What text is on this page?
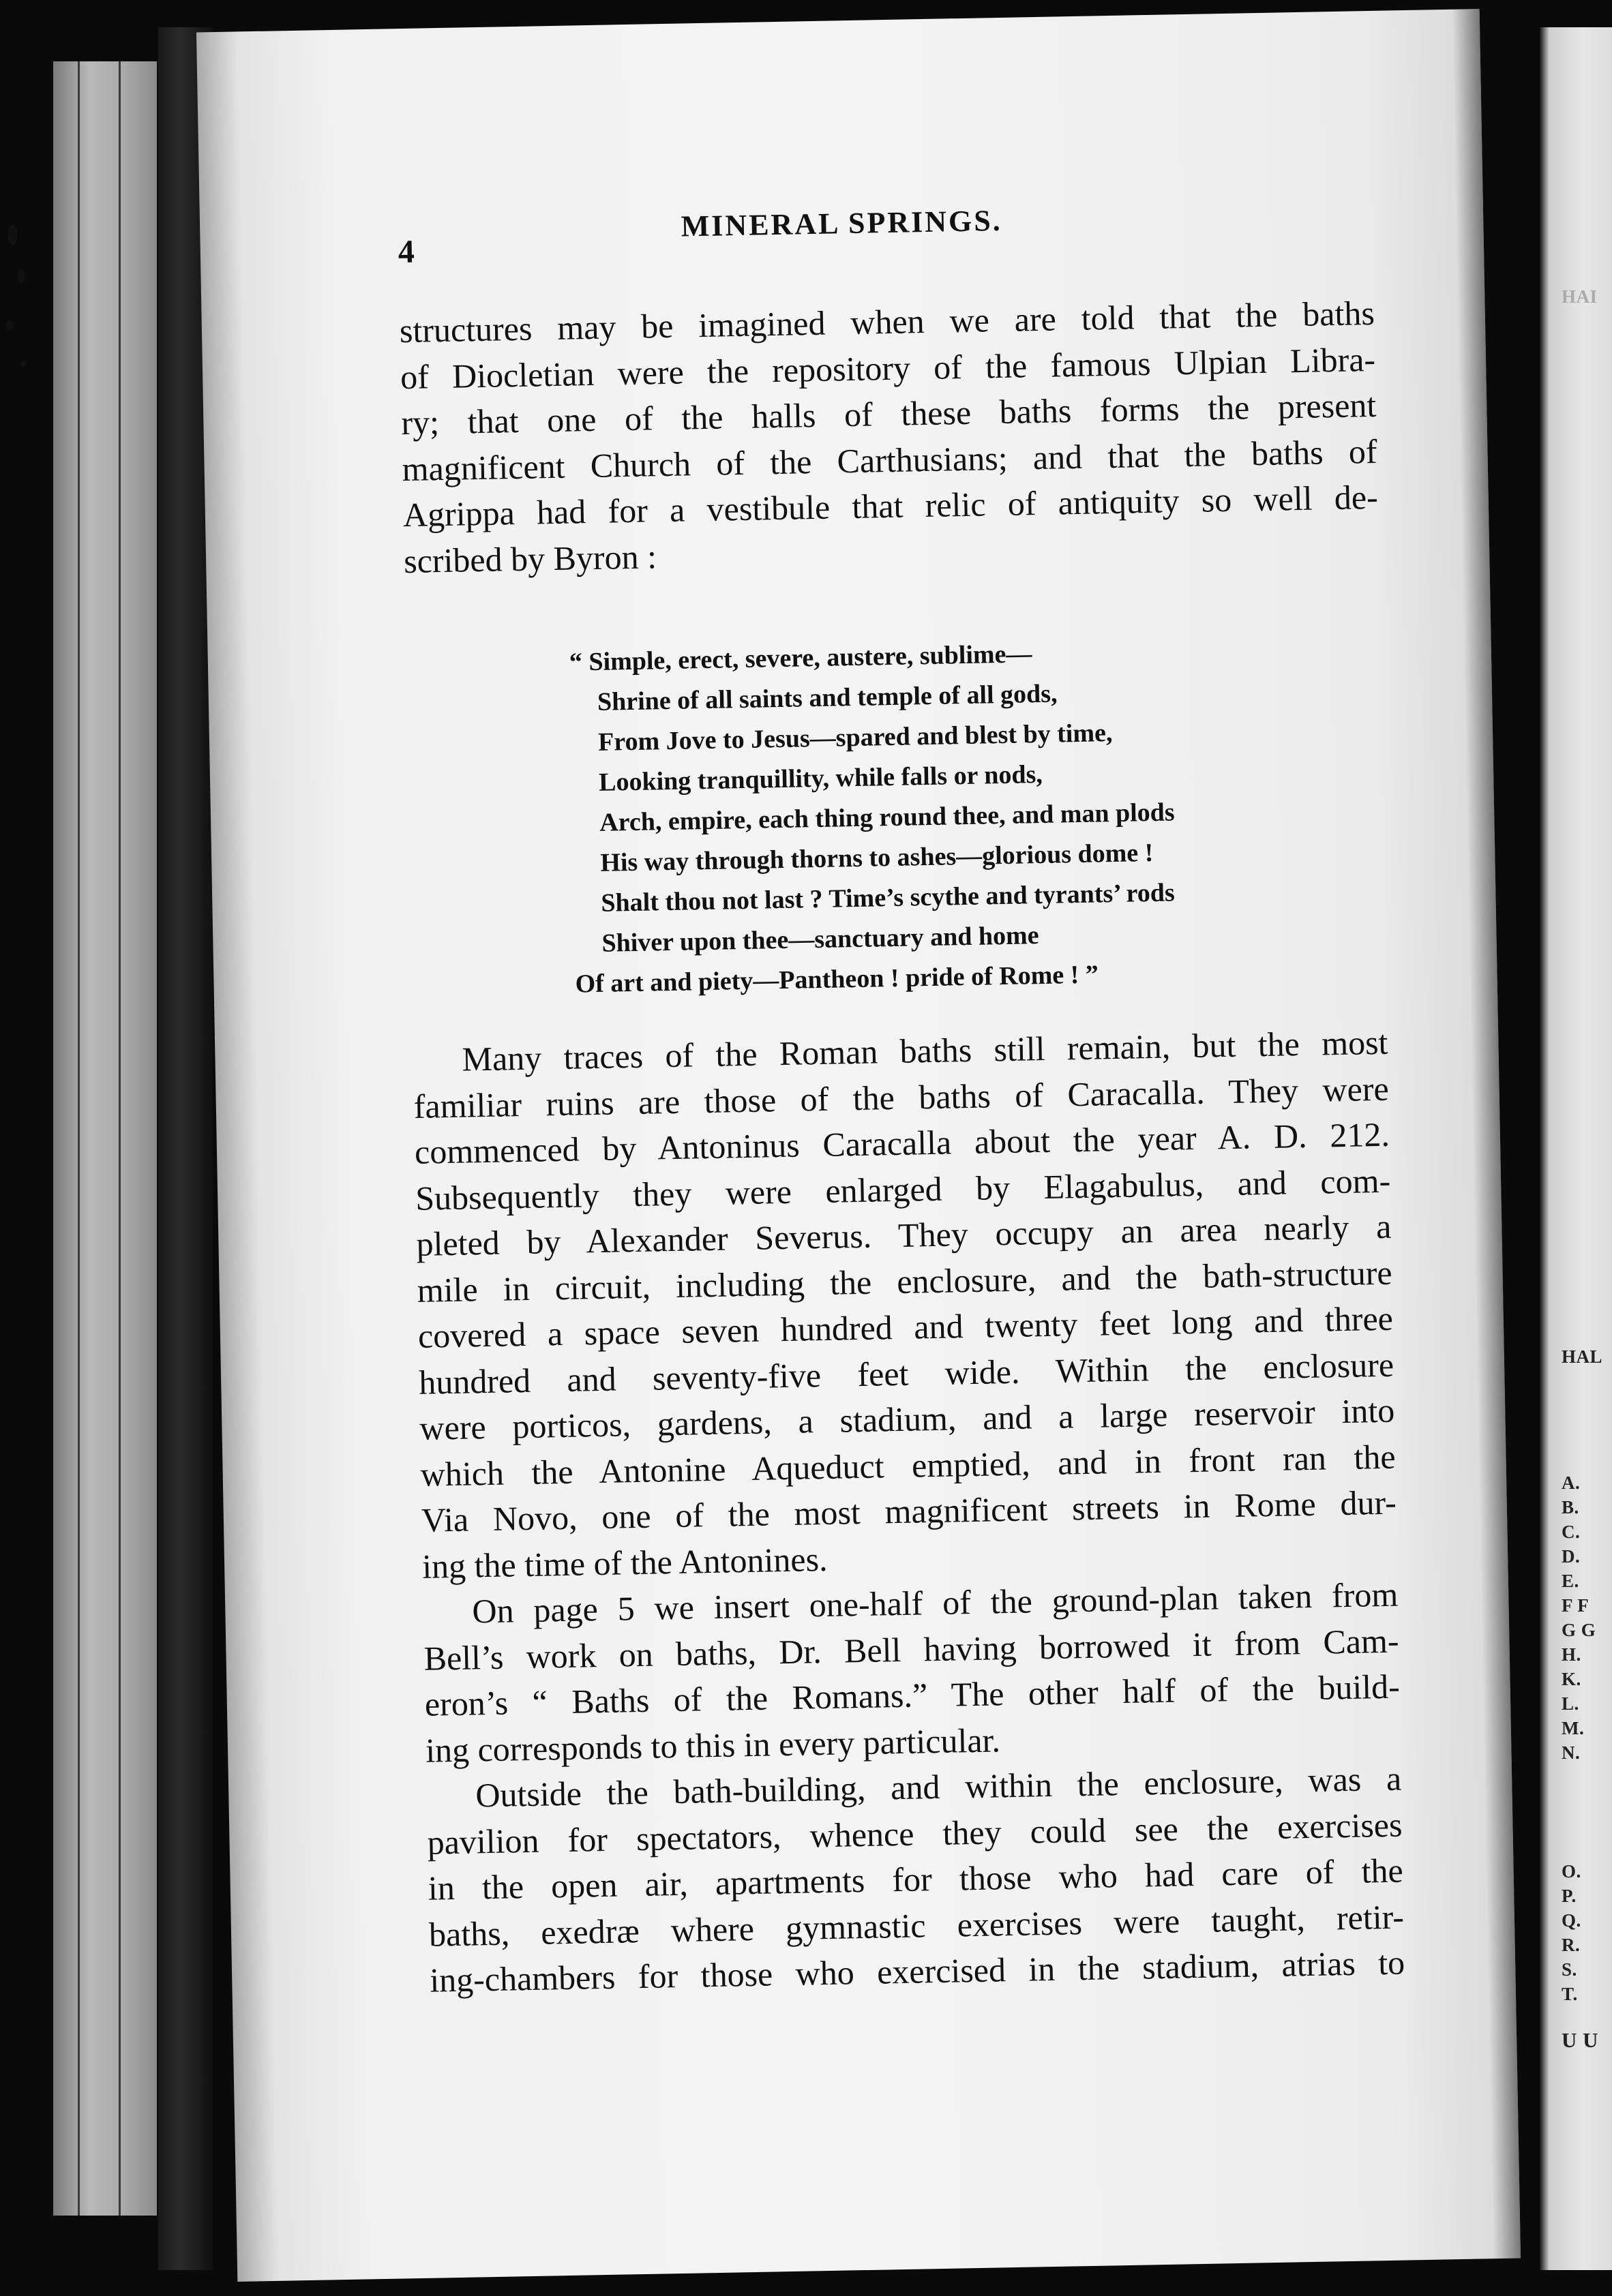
HAI
HAL
A.
B.
C.
D.
E.
F F
G G
H.
K.
L.
M.
N.
O.
P.
Q.
R.
S.
T.
U U
4
MINERAL SPRINGS.
structures may be imagined when we are told that the baths
of Diocletian were the repository of the famous Ulpian Libra-
ry; that one of the halls of these baths forms the present
magnificent Church of the Carthusians; and that the baths of
Agrippa had for a vestibule that relic of antiquity so well de-
scribed by Byron :
“ Simple, erect, severe, austere, sublime—
Shrine of all saints and temple of all gods,
From Jove to Jesus—spared and blest by time,
Looking tranquillity, while falls or nods,
Arch, empire, each thing round thee, and man plods
His way through thorns to ashes—glorious dome !
Shalt thou not last ? Time’s scythe and tyrants’ rods
Shiver upon thee—sanctuary and home
Of art and piety—Pantheon ! pride of Rome ! ”
Many traces of the Roman baths still remain, but the most
familiar ruins are those of the baths of Caracalla. They were
commenced by Antoninus Caracalla about the year A. D. 212.
Subsequently they were enlarged by Elagabulus, and com-
pleted by Alexander Severus. They occupy an area nearly a
mile in circuit, including the enclosure, and the bath-structure
covered a space seven hundred and twenty feet long and three
hundred and seventy-five feet wide. Within the enclosure
were porticos, gardens, a stadium, and a large reservoir into
which the Antonine Aqueduct emptied, and in front ran the
Via Novo, one of the most magnificent streets in Rome dur-
ing the time of the Antonines.
On page 5 we insert one-half of the ground-plan taken from
Bell’s work on baths, Dr. Bell having borrowed it from Cam-
eron’s “ Baths of the Romans.” The other half of the build-
ing corresponds to this in every particular.
Outside the bath-building, and within the enclosure, was a
pavilion for spectators, whence they could see the exercises
in the open air, apartments for those who had care of the
baths, exedræ where gymnastic exercises were taught, retir-
ing-chambers for those who exercised in the stadium, atrias to
